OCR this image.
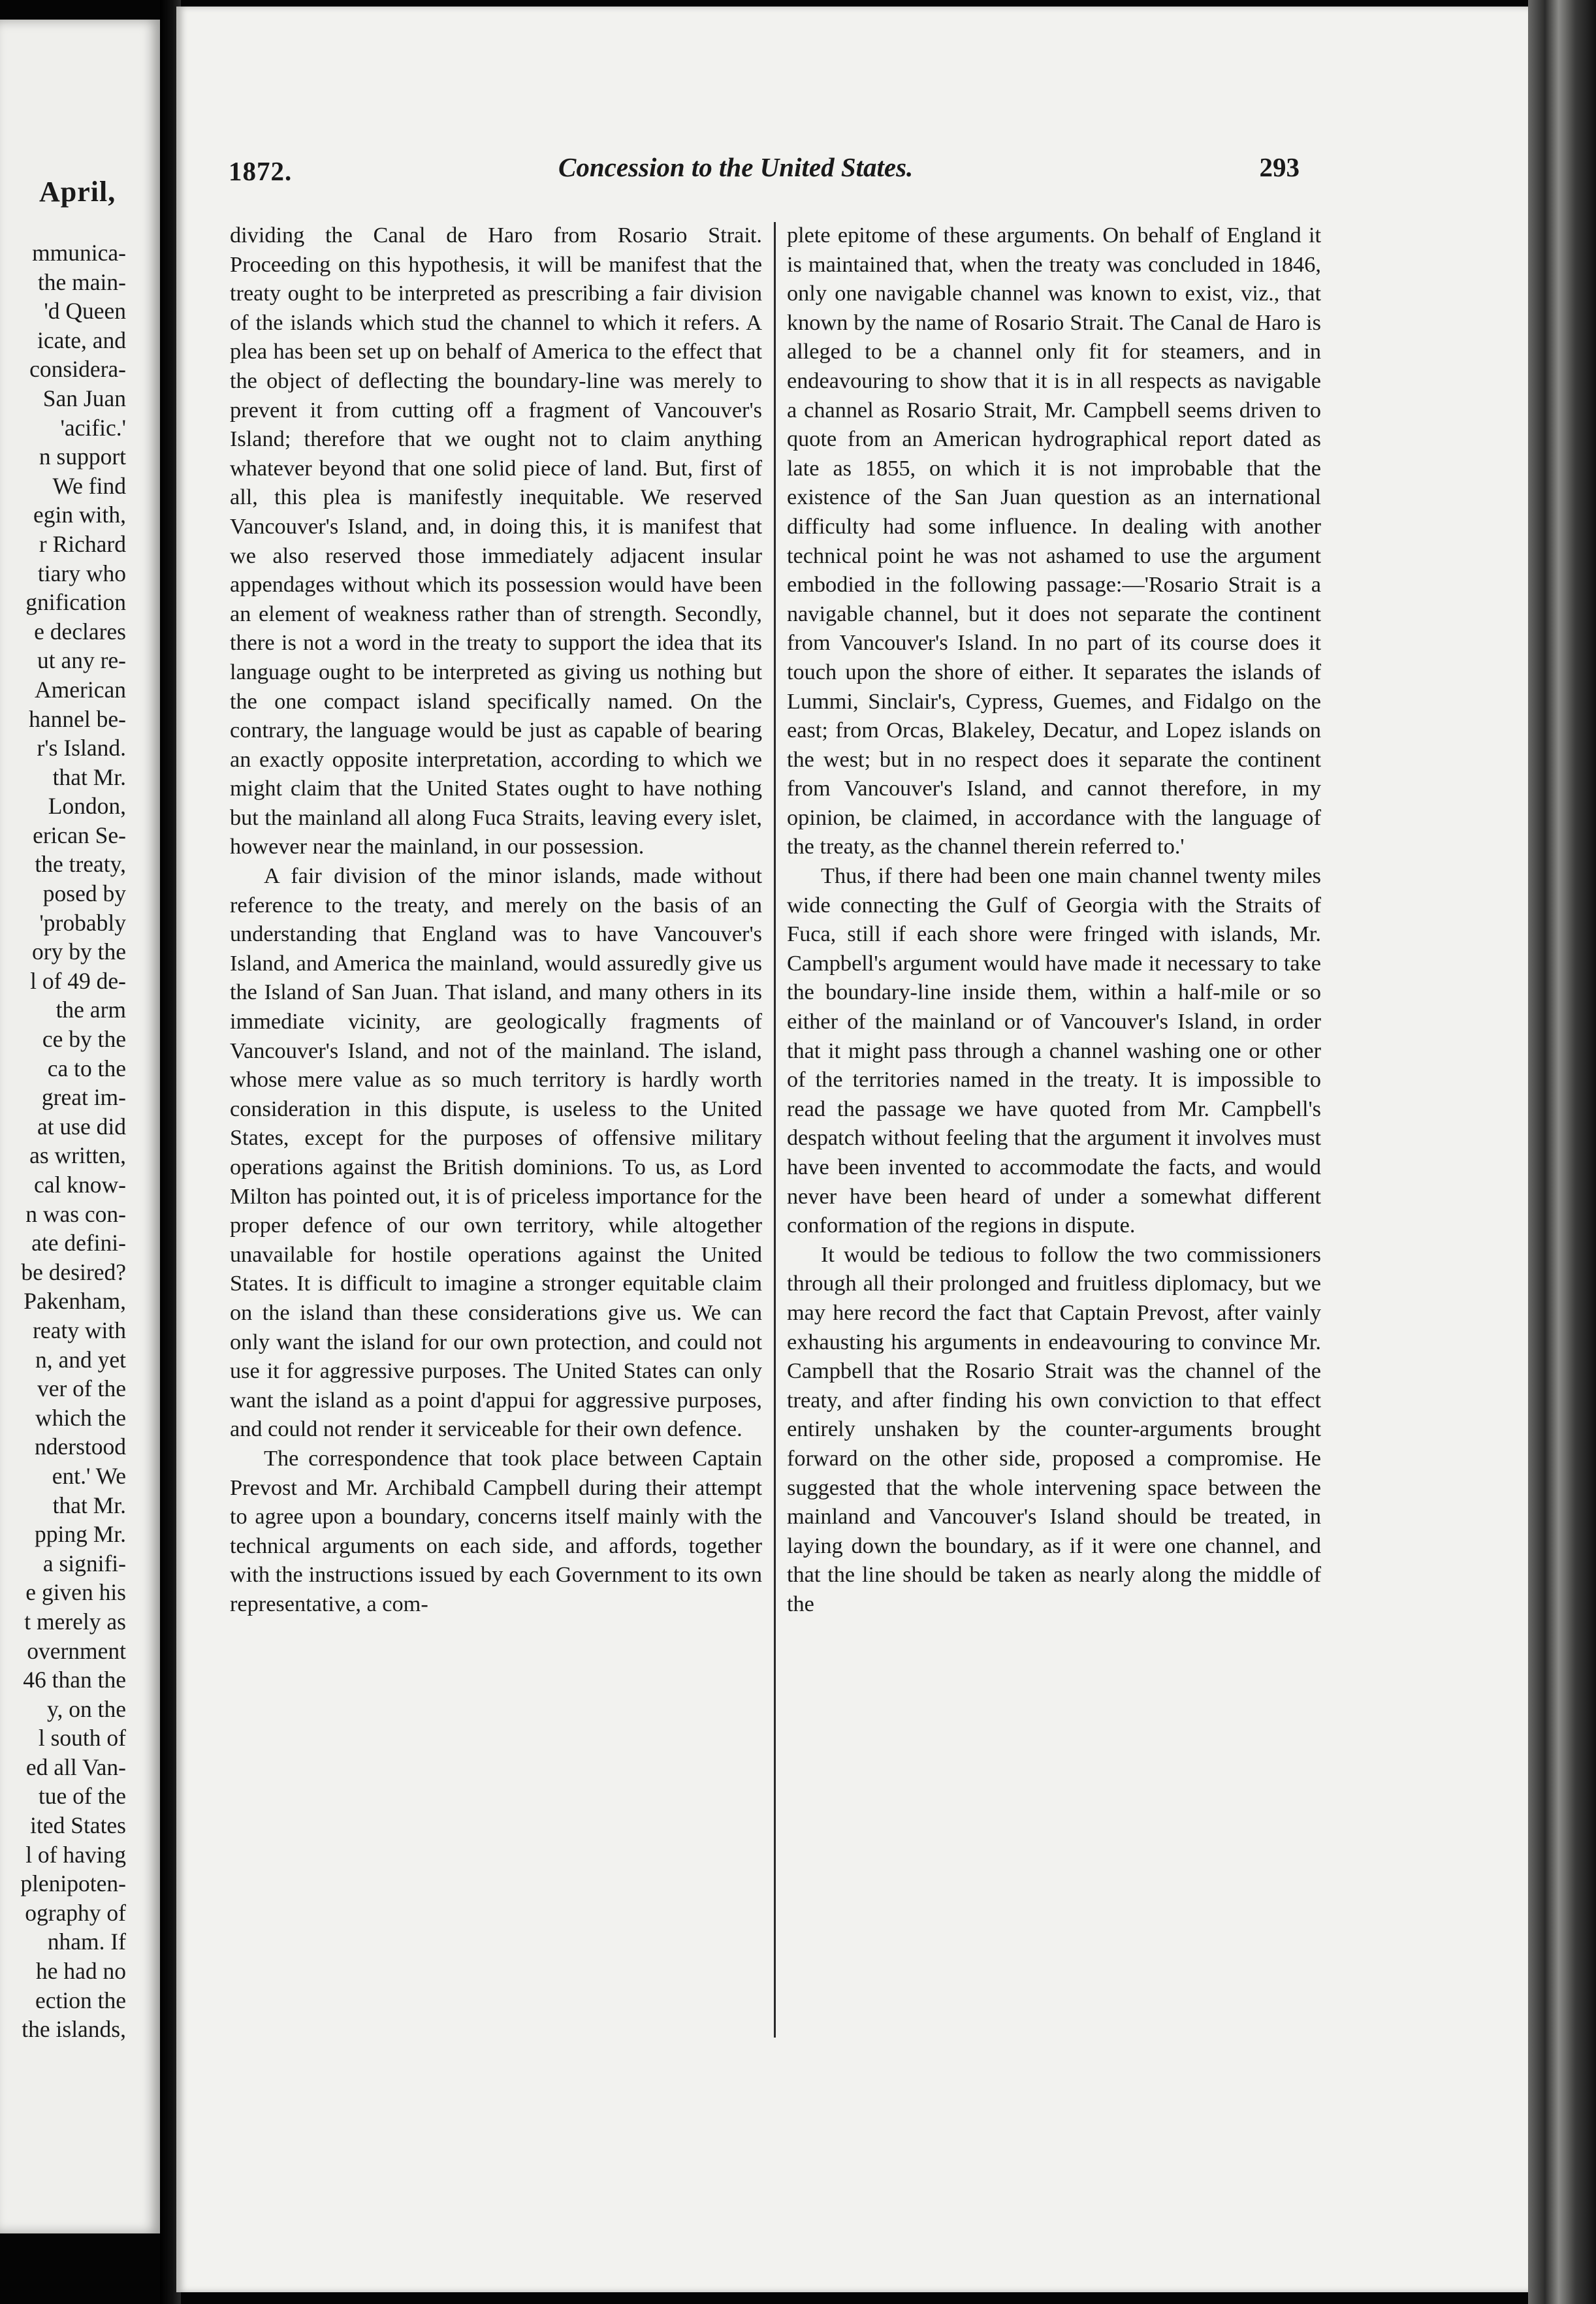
April,
mmunica-
the main-
'd Queen
icate, and
considera-
San Juan
'acific.'
n support
We find
egin with,
r Richard
tiary who
gnification
e declares
ut any re-
American
hannel be-
r's Island.
that Mr.
London,
erican Se-
the treaty,
posed by
'probably
ory by the
l of 49 de-
the arm
ce by the
ca to the
great im-
at use did
as written,
cal know-
n was con-
ate defini-
be desired?
Pakenham,
reaty with
n, and yet
ver of the
which the
nderstood
ent.' We
that Mr.
pping Mr.
a signifi-
e given his
t merely as
overnment
46 than the
y, on the
l south of
ed all Van-
tue of the
ited States
l of having
plenipoten-
ography of
nham. If
he had no
ection the
the islands,
1872.	Concession to the United States.	293

dividing the Canal de Haro from Rosario Strait. Proceeding on this hypothesis, it will be manifest that the treaty ought to be interpreted as prescribing a fair division of the islands which stud the channel to which it refers. A plea has been set up on behalf of America to the effect that the object of deflecting the boundary-line was merely to prevent it from cutting off a fragment of Vancouver's Island; therefore that we ought not to claim anything whatever beyond that one solid piece of land. But, first of all, this plea is manifestly inequitable. We reserved Vancouver's Island, and, in doing this, it is manifest that we also reserved those immediately adjacent insular appendages without which its possession would have been an element of weakness rather than of strength. Secondly, there is not a word in the treaty to support the idea that its language ought to be interpreted as giving us nothing but the one compact island specifically named. On the contrary, the language would be just as capable of bearing an exactly opposite interpretation, according to which we might claim that the United States ought to have nothing but the mainland all along Fuca Straits, leaving every islet, however near the mainland, in our possession.

A fair division of the minor islands, made without reference to the treaty, and merely on the basis of an understanding that England was to have Vancouver's Island, and America the mainland, would assuredly give us the Island of San Juan. That island, and many others in its immediate vicinity, are geologically fragments of Vancouver's Island, and not of the mainland. The island, whose mere value as so much territory is hardly worth consideration in this dispute, is useless to the United States, except for the purposes of offensive military operations against the British dominions. To us, as Lord Milton has pointed out, it is of priceless importance for the proper defence of our own territory, while altogether unavailable for hostile operations against the United States. It is difficult to imagine a stronger equitable claim on the island than these considerations give us. We can only want the island for our own protection, and could not use it for aggressive purposes. The United States can only want the island as a point d'appui for aggressive purposes, and could not render it serviceable for their own defence.

The correspondence that took place between Captain Prevost and Mr. Archibald Campbell during their attempt to agree upon a boundary, concerns itself mainly with the technical arguments on each side, and affords, together with the instructions issued by each Government to its own representative, a com-

plete epitome of these arguments. On behalf of England it is maintained that, when the treaty was concluded in 1846, only one navigable channel was known to exist, viz., that known by the name of Rosario Strait. The Canal de Haro is alleged to be a channel only fit for steamers, and in endeavouring to show that it is in all respects as navigable a channel as Rosario Strait, Mr. Campbell seems driven to quote from an American hydrographical report dated as late as 1855, on which it is not improbable that the existence of the San Juan question as an international difficulty had some influence. In dealing with another technical point he was not ashamed to use the argument embodied in the following passage:—'Rosario Strait is a navigable channel, but it does not separate the continent from Vancouver's Island. In no part of its course does it touch upon the shore of either. It separates the islands of Lummi, Sinclair's, Cypress, Guemes, and Fidalgo on the east; from Orcas, Blakeley, Decatur, and Lopez islands on the west; but in no respect does it separate the continent from Vancouver's Island, and cannot therefore, in my opinion, be claimed, in accordance with the language of the treaty, as the channel therein referred to.'

Thus, if there had been one main channel twenty miles wide connecting the Gulf of Georgia with the Straits of Fuca, still if each shore were fringed with islands, Mr. Campbell's argument would have made it necessary to take the boundary-line inside them, within a half-mile or so either of the mainland or of Vancouver's Island, in order that it might pass through a channel washing one or other of the territories named in the treaty. It is impossible to read the passage we have quoted from Mr. Campbell's despatch without feeling that the argument it involves must have been invented to accommodate the facts, and would never have been heard of under a somewhat different conformation of the regions in dispute.

It would be tedious to follow the two commissioners through all their prolonged and fruitless diplomacy, but we may here record the fact that Captain Prevost, after vainly exhausting his arguments in endeavouring to convince Mr. Campbell that the Rosario Strait was the channel of the treaty, and after finding his own conviction to that effect entirely unshaken by the counter-arguments brought forward on the other side, proposed a compromise. He suggested that the whole intervening space between the mainland and Vancouver's Island should be treated, in laying down the boundary, as if it were one channel, and that the line should be taken as nearly along the middle of the
